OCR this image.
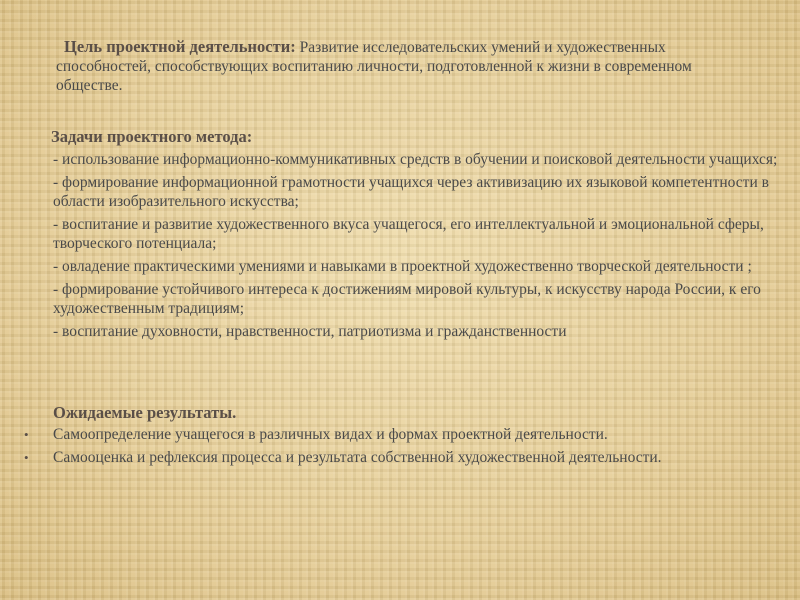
Цель проектной деятельности: Развитие исследовательских умений и художественных способностей, способствующих воспитанию личности, подготовленной к жизни в современном обществе.
Задачи проектного метода:
- использование информационно-коммуникативных средств в обучении и поисковой деятельности учащихся;
- формирование информационной грамотности учащихся через активизацию их языковой компетентности в области изобразительного искусства;
- воспитание и развитие художественного вкуса учащегося, его интеллектуальной и эмоциональной сферы, творческого потенциала;
- овладение практическими умениями и навыками в проектной художественно творческой деятельности ;
- формирование устойчивого интереса к достижениям мировой культуры, к искусству народа России, к его художественным традициям;
- воспитание духовности, нравственности, патриотизма и гражданственности
Ожидаемые результаты.
•	Самоопределение учащегося в различных видах и формах проектной деятельности.
•	Самооценка и рефлексия процесса и результата собственной художественной деятельности.
